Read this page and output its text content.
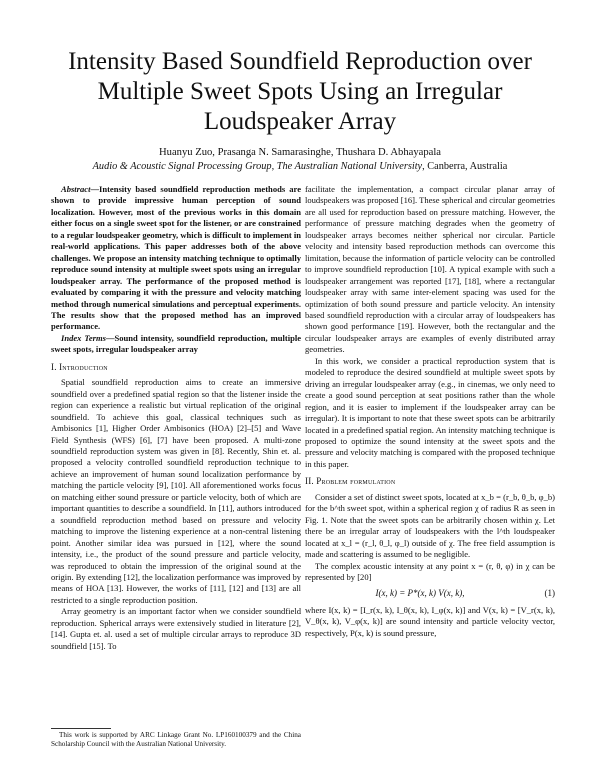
Intensity Based Soundfield Reproduction over Multiple Sweet Spots Using an Irregular Loudspeaker Array
Huanyu Zuo, Prasanga N. Samarasinghe, Thushara D. Abhayapala
Audio & Acoustic Signal Processing Group, The Australian National University, Canberra, Australia

Abstract—Intensity based soundfield reproduction methods are shown to provide impressive human perception of sound localization. However, most of the previous works in this domain either focus on a single sweet spot for the listener, or are constrained to a regular loudspeaker geometry, which is difficult to implement in real-world applications. This paper addresses both of the above challenges. We propose an intensity matching technique to optimally reproduce sound intensity at multiple sweet spots using an irregular loudspeaker array. The performance of the proposed method is evaluated by comparing it with the pressure and velocity matching method through numerical simulations and perceptual experiments. The results show that the proposed method has an improved performance.

Index Terms—Sound intensity, soundfield reproduction, multiple sweet spots, irregular loudspeaker array

I. Introduction

Spatial soundfield reproduction aims to create an immersive soundfield over a predefined spatial region so that the listener inside the region can experience a realistic but virtual replication of the original soundfield. To achieve this goal, classical techniques such as Ambisonics [1], Higher Order Ambisonics (HOA) [2]–[5] and Wave Field Synthesis (WFS) [6], [7] have been proposed. A multi-zone soundfield reproduction system was given in [8]. Recently, Shin et. al. proposed a velocity controlled soundfield reproduction technique to achieve an improvement of human sound localization performance by matching the particle velocity [9], [10]. All aforementioned works focus on matching either sound pressure or particle velocity, both of which are important quantities to describe a soundfield. In [11], authors introduced a soundfield reproduction method based on pressure and velocity matching to improve the listening experience at a non-central listening point. Another similar idea was pursued in [12], where the sound intensity, i.e., the product of the sound pressure and particle velocity, was reproduced to obtain the impression of the original sound at the origin. By extending [12], the localization performance was improved by means of HOA [13]. However, the works of [11], [12] and [13] are all restricted to a single reproduction position.

Array geometry is an important factor when we consider soundfield reproduction. Spherical arrays were extensively studied in literature [2], [14]. Gupta et. al. used a set of multiple circular arrays to reproduce 3D soundfield [15]. To

This work is supported by ARC Linkage Grant No. LP160100379 and the China Scholarship Council with the Australian National University.

facilitate the implementation, a compact circular planar array of loudspeakers was proposed [16]. These spherical and circular geometries are all used for reproduction based on pressure matching. However, the performance of pressure matching degrades when the geometry of loudspeaker arrays becomes neither spherical nor circular. Particle velocity and intensity based reproduction methods can overcome this limitation, because the information of particle velocity can be controlled to improve soundfield reproduction [10]. A typical example with such a loudspeaker arrangement was reported [17], [18], where a rectangular loudspeaker array with same inter-element spacing was used for the optimization of both sound pressure and particle velocity. An intensity based soundfield reproduction with a circular array of loudspeakers has shown good performance [19]. However, both the rectangular and the circular loudspeaker arrays are examples of evenly distributed array geometries.

In this work, we consider a practical reproduction system that is modeled to reproduce the desired soundfield at multiple sweet spots by driving an irregular loudspeaker array (e.g., in cinemas, we only need to create a good sound perception at seat positions rather than the whole region, and it is easier to implement if the loudspeaker array can be irregular). It is important to note that these sweet spots can be arbitrarily located in a predefined spatial region. An intensity matching technique is proposed to optimize the sound intensity at the sweet spots and the pressure and velocity matching is compared with the proposed technique in this paper.

II. Problem formulation

Consider a set of distinct sweet spots, located at x_b = (r_b, θ_b, φ_b) for the b^th sweet spot, within a spherical region χ of radius R as seen in Fig. 1. Note that the sweet spots can be arbitrarily chosen within χ. Let there be an irregular array of loudspeakers with the l^th loudspeaker located at x_l = (r_l, θ_l, φ_l) outside of χ. The free field assumption is made and scattering is assumed to be negligible.

The complex acoustic intensity at any point x = (r, θ, φ) in χ can be represented by [20]

I(x, k) = P*(x, k) V(x, k),	(1)

where I(x, k) = [I_r(x, k), I_θ(x, k), I_φ(x, k)] and V(x, k) = [V_r(x, k), V_θ(x, k), V_φ(x, k)] are sound intensity and particle velocity vector, respectively, P(x, k) is sound pressure,
